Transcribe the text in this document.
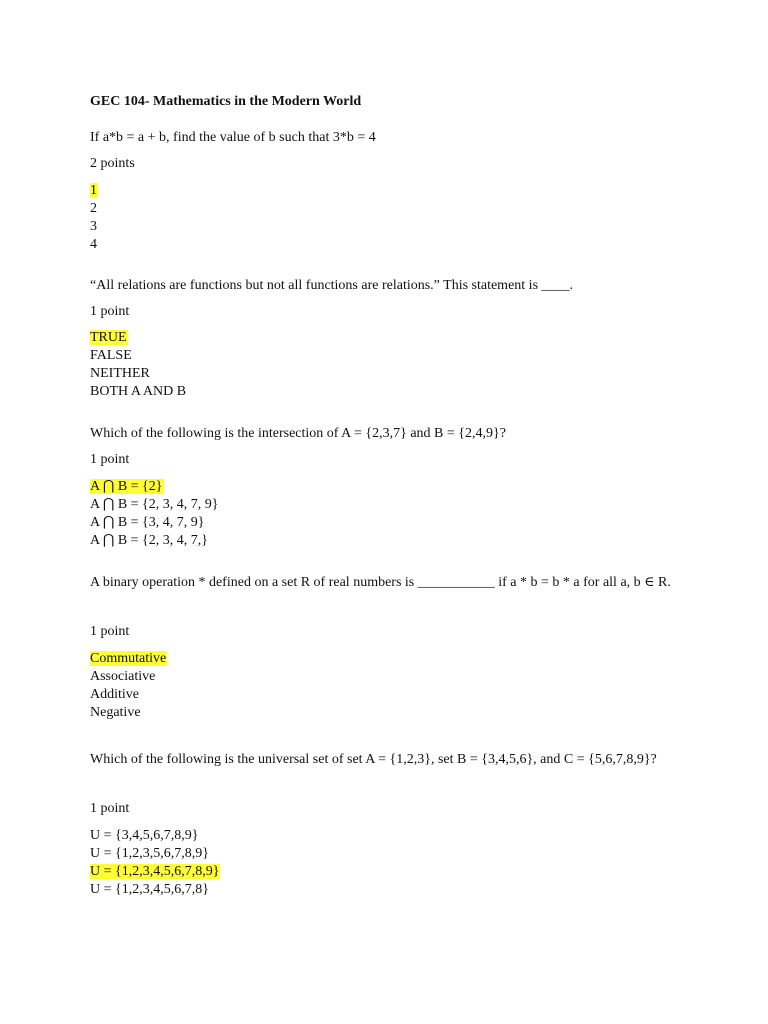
GEC 104- Mathematics in the Modern World
If a*b = a + b, find the value of b such that 3*b = 4
2 points
1
2
3
4
“All relations are functions but not all functions are relations.” This statement is ____.
1 point
TRUE
FALSE
NEITHER
BOTH A AND B
Which of the following is the intersection of A = {2,3,7} and B = {2,4,9}?
1 point
A ⋂ B = {2}
A ⋂ B = {2, 3, 4, 7, 9}
A ⋂ B = {3, 4, 7, 9}
A ⋂ B = {2, 3, 4, 7,}
A binary operation * defined on a set R of real numbers is ___________ if a * b = b * a for all a, b ∈ R.
1 point
Commutative
Associative
Additive
Negative
Which of the following is the universal set of set A = {1,2,3}, set B = {3,4,5,6}, and C = {5,6,7,8,9}?
1 point
U = {3,4,5,6,7,8,9}
U = {1,2,3,5,6,7,8,9}
U = {1,2,3,4,5,6,7,8,9}
U = {1,2,3,4,5,6,7,8}
